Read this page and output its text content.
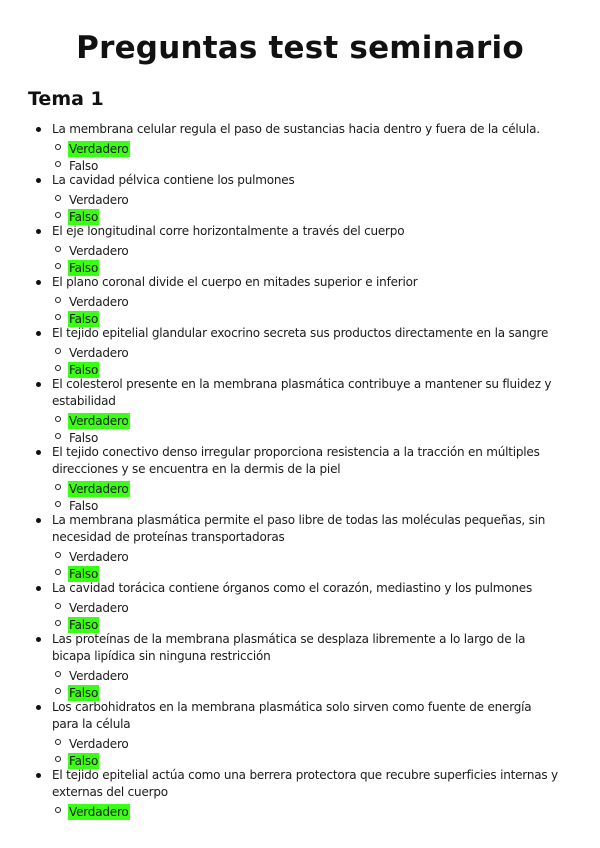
Preguntas test seminario
Tema 1
La membrana celular regula el paso de sustancias hacia dentro y fuera de la célula.
Verdadero
Falso
La cavidad pélvica contiene los pulmones
Verdadero
Falso
El eje longitudinal corre horizontalmente a través del cuerpo
Verdadero
Falso
El plano coronal divide el cuerpo en mitades superior e inferior
Verdadero
Falso
El tejido epitelial glandular exocrino secreta sus productos directamente en la sangre
Verdadero
Falso
El colesterol presente en la membrana plasmática contribuye a mantener su fluidez y estabilidad
Verdadero
Falso
El tejido conectivo denso irregular proporciona resistencia a la tracción en múltiples direcciones y se encuentra en la dermis de la piel
Verdadero
Falso
La membrana plasmática permite el paso libre de todas las moléculas pequeñas, sin necesidad de proteínas transportadoras
Verdadero
Falso
La cavidad torácica contiene órganos como el corazón, mediastino y los pulmones
Verdadero
Falso
Las proteínas de la membrana plasmática se desplaza libremente a lo largo de la bicapa lipídica sin ninguna restricción
Verdadero
Falso
Los carbohidratos en la membrana plasmática solo sirven como fuente de energía para la célula
Verdadero
Falso
El tejido epitelial actúa como una berrera protectora que recubre superficies internas y externas del cuerpo
Verdadero
